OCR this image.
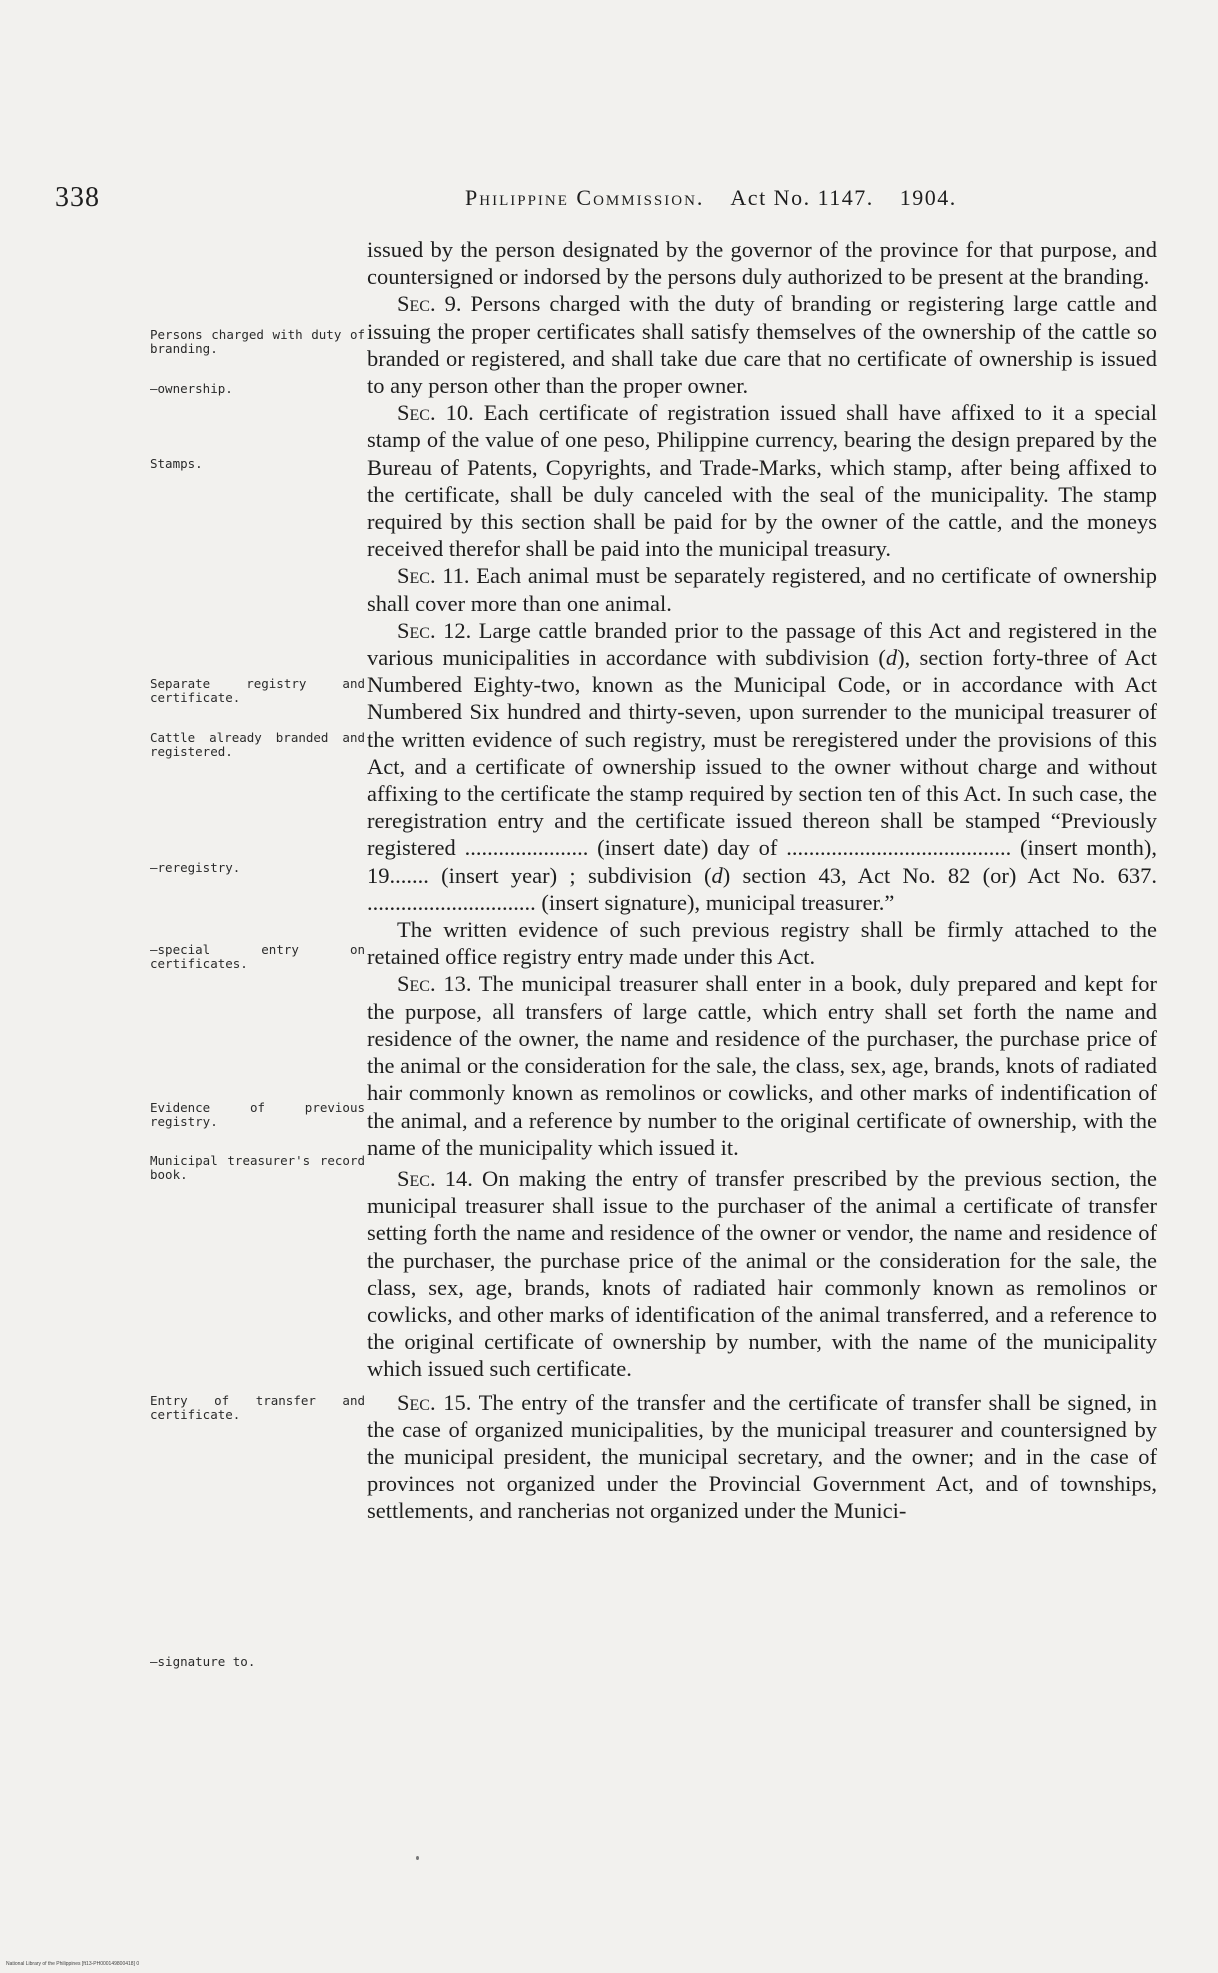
338	Philippine Commission. Act No. 1147. 1904.
Persons charged with duty of branding.
—ownership.
Stamps.
Separate registry and certificate.
Cattle already branded and registered.
—reregistry.
—special entry on certificates.
Evidence of previous registry.
Municipal treasurer's record book.
Entry of transfer and certificate.
—signature to.

issued by the person designated by the governor of the province for that purpose, and countersigned or indorsed by the persons duly authorized to be present at the branding.

Sec. 9. Persons charged with the duty of branding or registering large cattle and issuing the proper certificates shall satisfy themselves of the ownership of the cattle so branded or registered, and shall take due care that no certificate of ownership is issued to any person other than the proper owner.

Sec. 10. Each certificate of registration issued shall have affixed to it a special stamp of the value of one peso, Philippine currency, bearing the design prepared by the Bureau of Patents, Copyrights, and Trade-Marks, which stamp, after being affixed to the certificate, shall be duly canceled with the seal of the municipality. The stamp required by this section shall be paid for by the owner of the cattle, and the moneys received therefor shall be paid into the municipal treasury.

Sec. 11. Each animal must be separately registered, and no certificate of ownership shall cover more than one animal.

Sec. 12. Large cattle branded prior to the passage of this Act and registered in the various municipalities in accordance with subdivision (d), section forty-three of Act Numbered Eighty-two, known as the Municipal Code, or in accordance with Act Numbered Six hundred and thirty-seven, upon surrender to the municipal treasurer of the written evidence of such registry, must be reregistered under the provisions of this Act, and a certificate of ownership issued to the owner without charge and without affixing to the certificate the stamp required by section ten of this Act. In such case, the reregistration entry and the certificate issued thereon shall be stamped “Previously registered ...................... (insert date) day of ........................................ (insert month), 19....... (insert year) ; subdivision (d) section 43, Act No. 82 (or) Act No. 637. .............................. (insert signature), municipal treasurer.”

The written evidence of such previous registry shall be firmly attached to the retained office registry entry made under this Act.

Sec. 13. The municipal treasurer shall enter in a book, duly prepared and kept for the purpose, all transfers of large cattle, which entry shall set forth the name and residence of the owner, the name and residence of the purchaser, the purchase price of the animal or the consideration for the sale, the class, sex, age, brands, knots of radiated hair commonly known as remolinos or cowlicks, and other marks of indentification of the animal, and a reference by number to the original certificate of ownership, with the name of the municipality which issued it.

Sec. 14. On making the entry of transfer prescribed by the previous section, the municipal treasurer shall issue to the purchaser of the animal a certificate of transfer setting forth the name and residence of the owner or vendor, the name and residence of the purchaser, the purchase price of the animal or the consideration for the sale, the class, sex, age, brands, knots of radiated hair commonly known as remolinos or cowlicks, and other marks of identification of the animal transferred, and a reference to the original certificate of ownership by number, with the name of the municipality which issued such certificate.

Sec. 15. The entry of the transfer and the certificate of transfer shall be signed, in the case of organized municipalities, by the municipal treasurer and countersigned by the municipal president, the municipal secretary, and the owner; and in the case of provinces not organized under the Provincial Government Act, and of townships, settlements, and rancherias not organized under the Munici-

National Library of the Philippines [ft13-PH000149800418] 0
